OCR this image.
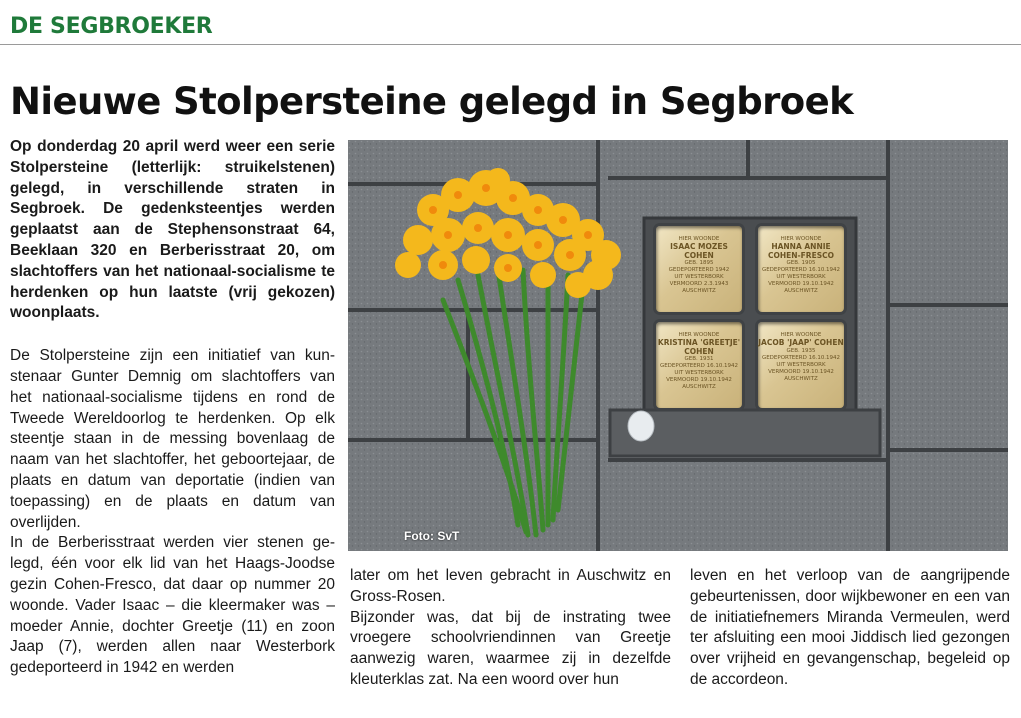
DE SEGBROEKER
Nieuwe Stolpersteine gelegd in Segbroek

Op donderdag 20 april werd weer een serie Stolpersteine (letterlijk: struikelstenen) gelegd, in verschillende straten in Segbroek. De gedenksteentjes werden geplaatst aan de Stephensonstraat 64, Beeklaan 320 en Berberisstraat 20, om slachtoffers van het nationaal-socialisme te herdenken op hun laatste (vrij gekozen) woonplaats.

De Stolpersteine zijn een initiatief van kunstenaar Gunter Demnig om slachtoffers van het nationaal-socialisme tijdens en rond de Tweede Wereldoorlog te herdenken. Op elk steentje staan in de messing bovenlaag de naam van het slachtoffer, het geboortejaar, de plaats en datum van deportatie (indien van toepassing) en de plaats en datum van overlijden.

In de Berberisstraat werden vier stenen gelegd, één voor elk lid van het Haags-Joodse gezin Cohen-Fresco, dat daar op nummer 20 woonde. Vader Isaac – die kleermaker was – moeder Annie, dochter Greetje (11) en zoon Jaap (7), werden allen naar Westerbork gedeporteerd in 1942 en werden

HIER WOONDE
ISAAC MOZES COHEN
GEB. 1895
GEDEPORTEERD 1942
UIT WESTERBORK
VERMOORD 2.3.1943
AUSCHWITZ
HIER WOONDE
HANNA ANNIE COHEN-FRESCO
GEB. 1905
GEDEPORTEERD 16.10.1942
UIT WESTERBORK
VERMOORD 19.10.1942
AUSCHWITZ
HIER WOONDE
KRISTINA 'GREETJE' COHEN
GEB. 1931
GEDEPORTEERD 16.10.1942
UIT WESTERBORK
VERMOORD 19.10.1942
AUSCHWITZ
HIER WOONDE
JACOB 'JAAP' COHEN
GEB. 1935
GEDEPORTEERD 16.10.1942
UIT WESTERBORK
VERMOORD 19.10.1942
AUSCHWITZ
Foto: SvT

later om het leven gebracht in Auschwitz en Gross-Rosen.

Bijzonder was, dat bij de instrating twee vroegere schoolvriendinnen van Greetje aanwezig waren, waarmee zij in dezelfde kleuterklas zat. Na een woord over hun

leven en het verloop van de aangrijpende gebeurtenissen, door wijkbewoner en een van de initiatiefnemers Miranda Vermeulen, werd ter afsluiting een mooi Jiddisch lied gezongen over vrijheid en gevangenschap, begeleid op de accordeon.
